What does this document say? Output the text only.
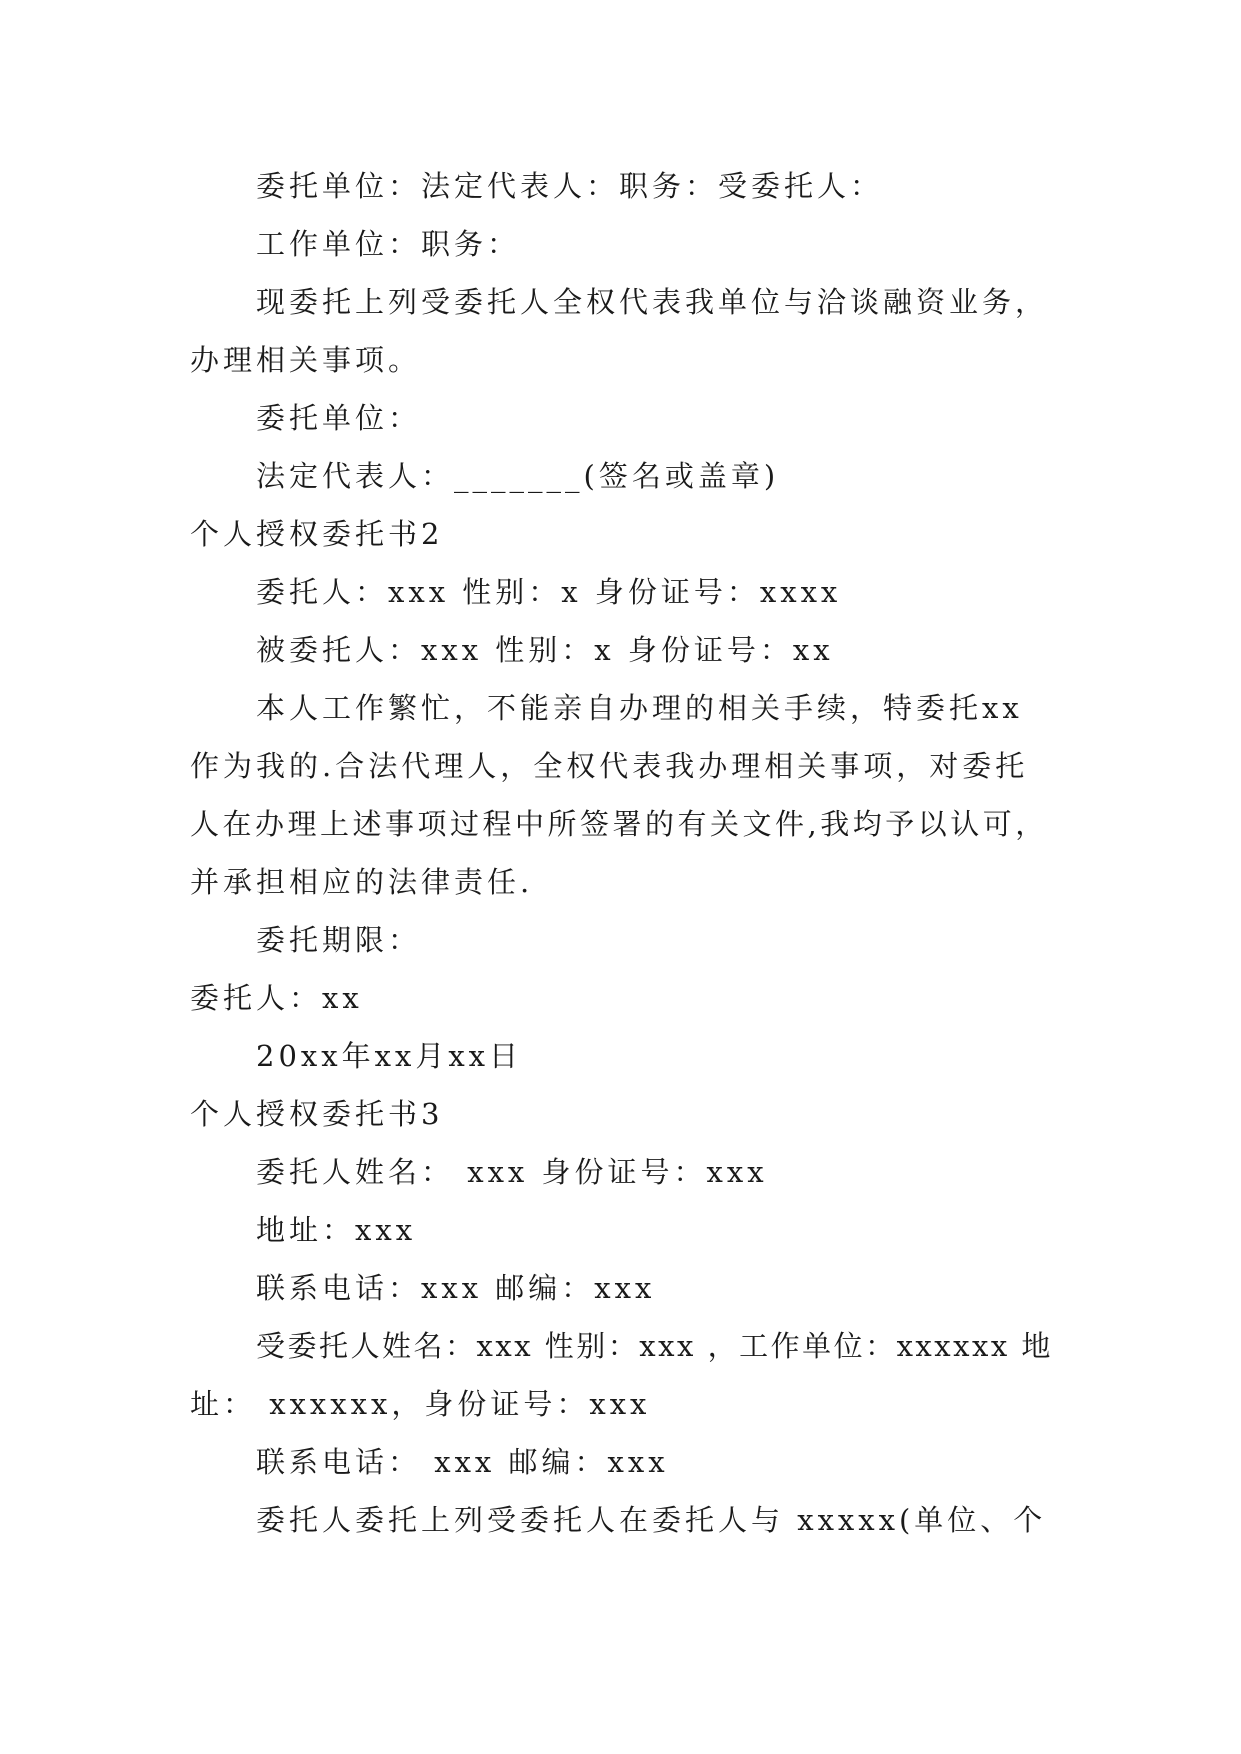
委托单位：法定代表人：职务：受委托人：
工作单位：职务：
现委托上列受委托人全权代表我单位与洽谈融资业务，
办理相关事项。
委托单位：
法定代表人：_______(签名或盖章)
个人授权委托书2
委托人：xxx 性别：x 身份证号：xxxx
被委托人：xxx 性别：x 身份证号：xx
本人工作繁忙，不能亲自办理的相关手续，特委托xx
作为我的.合法代理人，全权代表我办理相关事项，对委托
人在办理上述事项过程中所签署的有关文件,我均予以认可，
并承担相应的法律责任.
委托期限：
委托人：xx
20xx年xx月xx日
个人授权委托书3
委托人姓名： xxx 身份证号：xxx
地址：xxx
联系电话：xxx 邮编：xxx
受委托人姓名：xxx 性别：xxx ，工作单位：xxxxxx 地
址： xxxxxx，身份证号：xxx
联系电话： xxx 邮编：xxx
委托人委托上列受委托人在委托人与 xxxxx(单位、个
